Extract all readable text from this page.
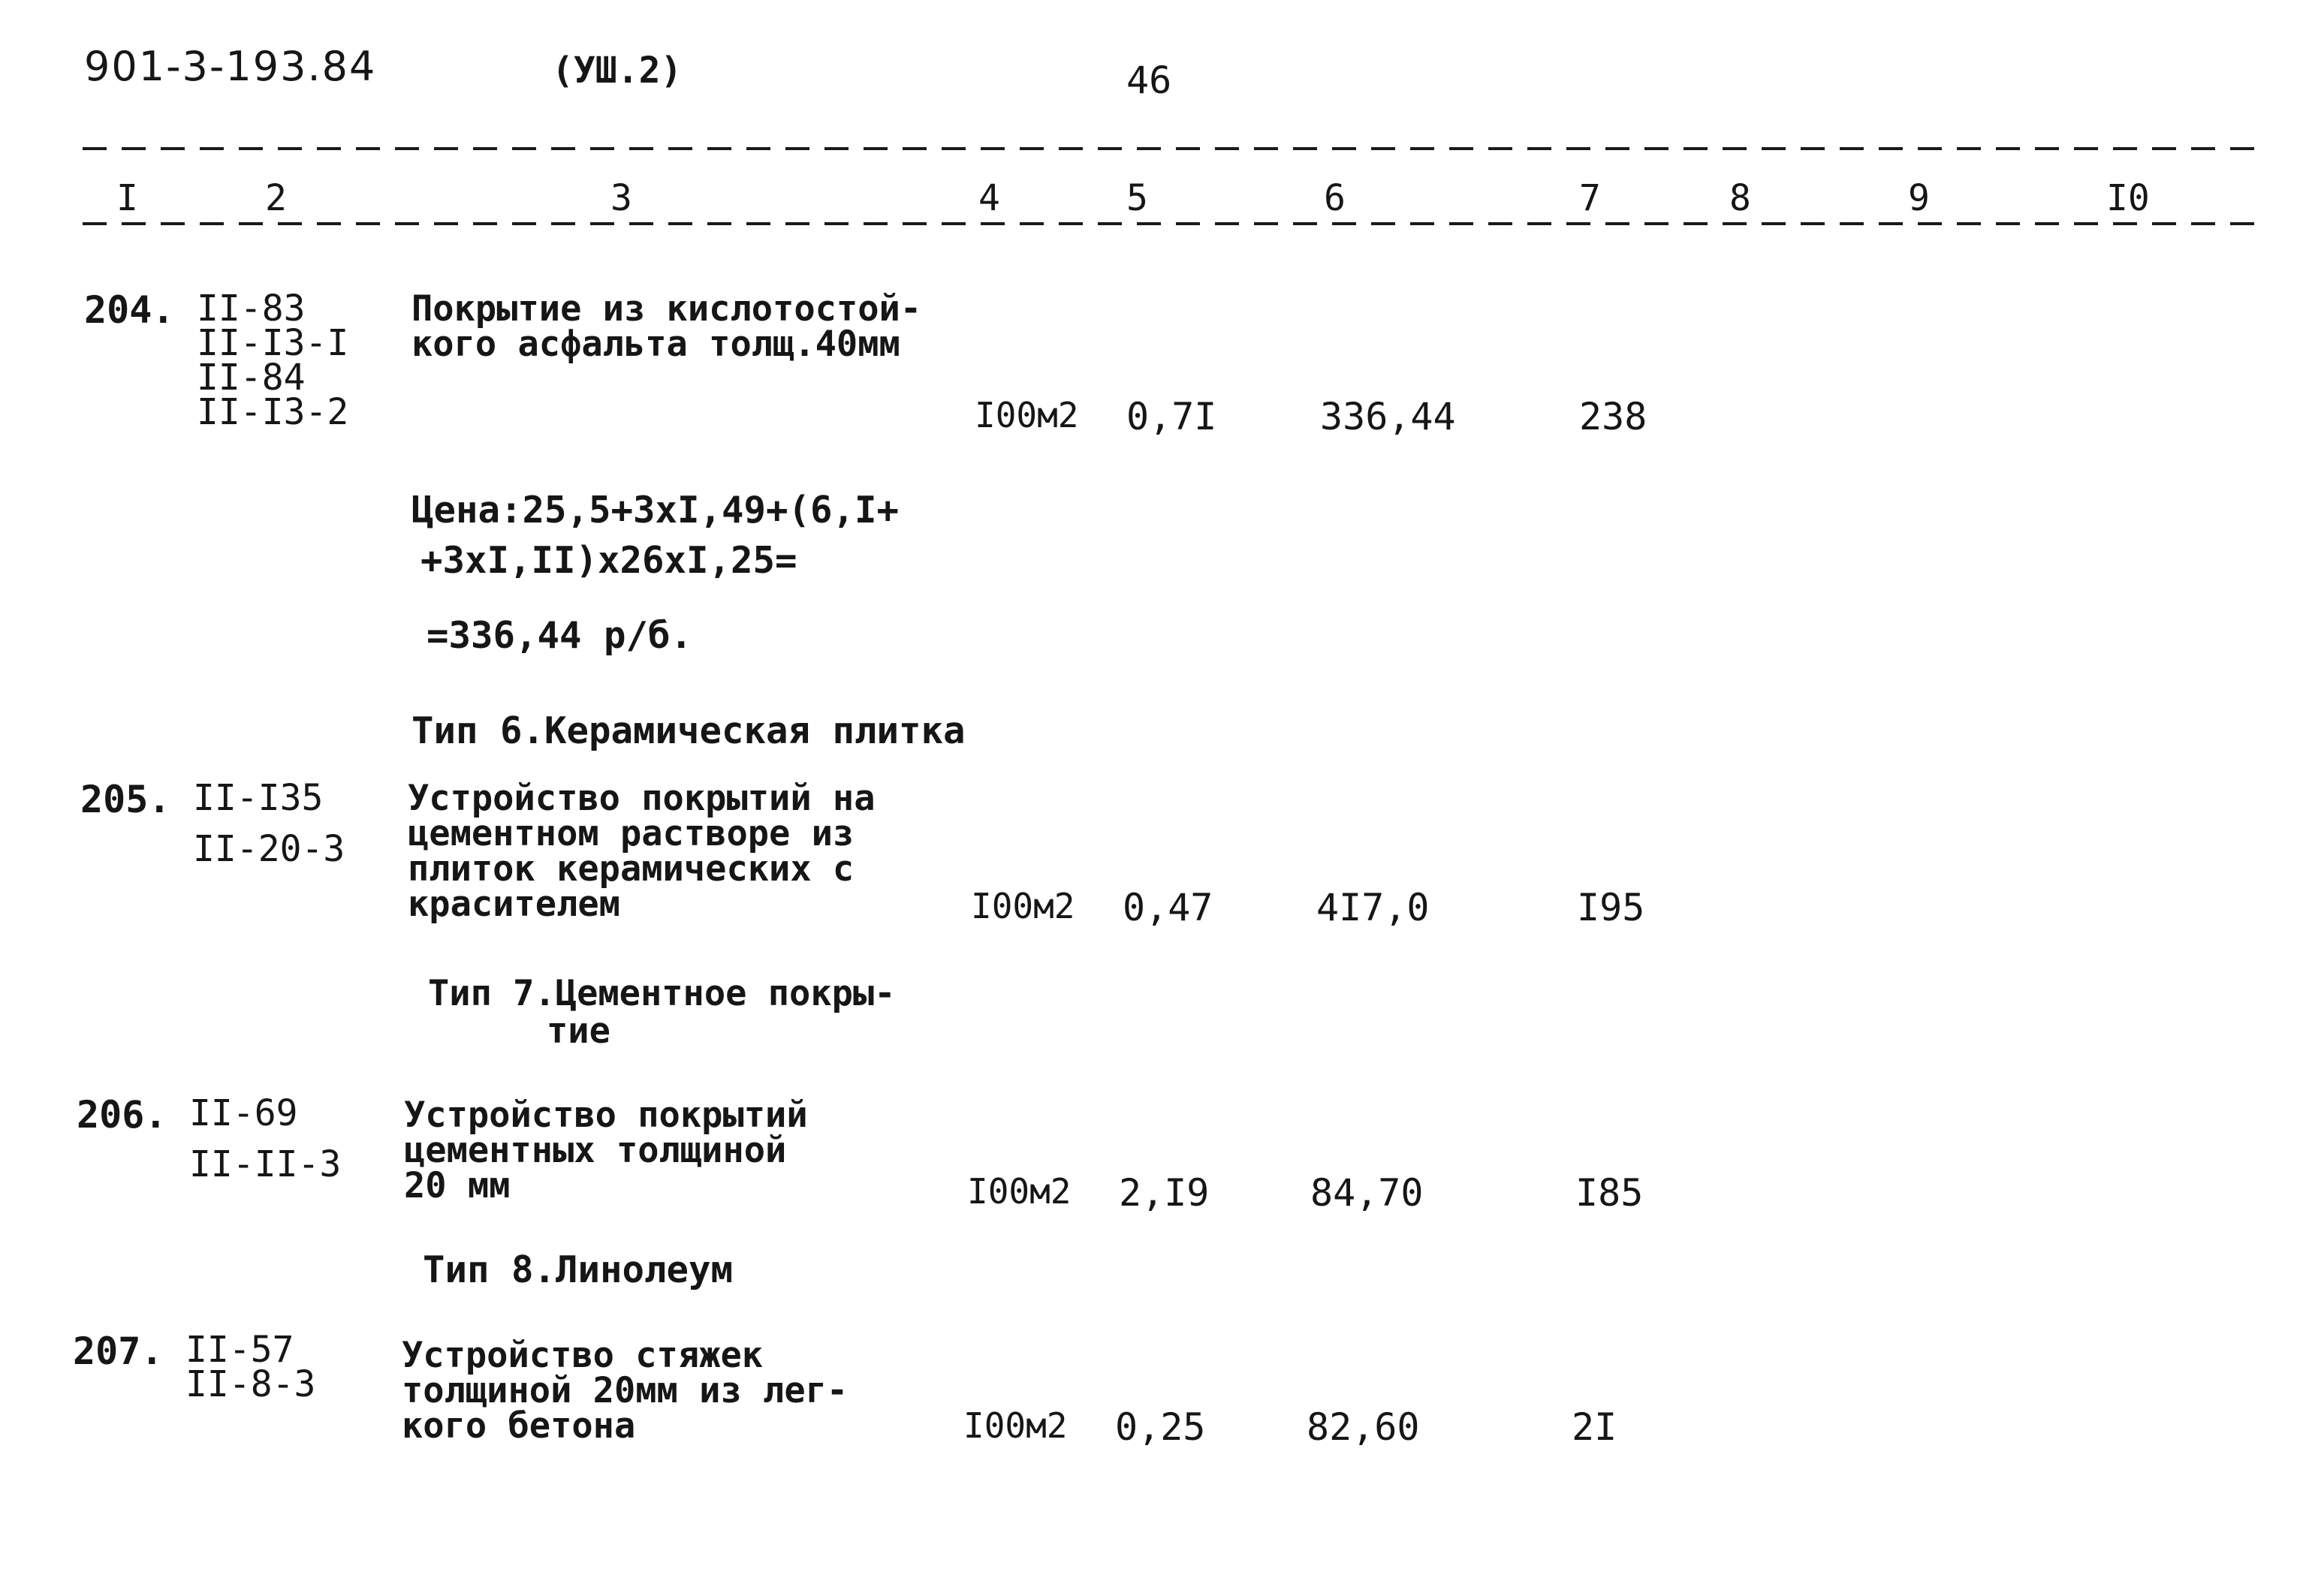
901-3-193.84	(УШ.2)	46
I	2	3	4	5	6	7	8	9	I0
204. II-83
II-I3-I
II-84
II-I3-2
Покрытие из кислотостой-
кого асфальта толщ.40мм
I00м2 0,7I	336,44	238
Цена:25,5+3xI,49+(6,I+
+3xI,II)x26xI,25=
=336,44 р/б.
Тип 6.Керамическая плитка
205. II-I35
II-20-3
Устройство покрытий на
цементном растворе из
плиток керамических с
красителем	I00м2 0,47	4I7,0	I95
Тип 7.Цементное покры-
тие
206. II-69
II-II-3
Устройство покрытий
цементных толщиной
20 мм	I00м2 2,I9	84,70	I85
Тип 8.Линолеум
207. II-57
II-8-3
Устройство стяжек
толщиной 20мм из лег-
кого бетона	I00м2 0,25	82,60	2I
